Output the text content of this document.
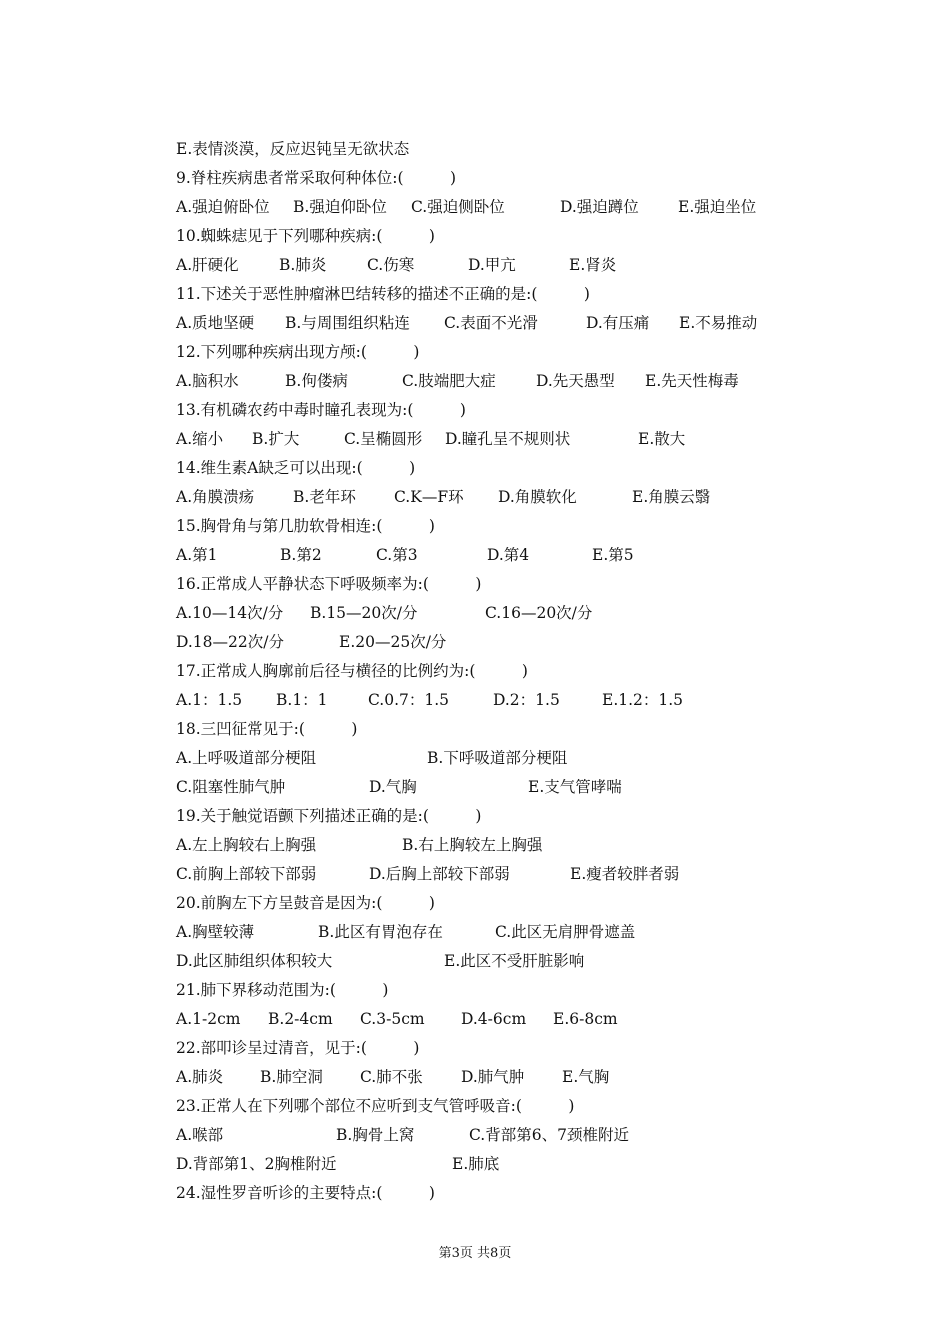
E.表情淡漠，反应迟钝呈无欲状态
9.脊柱疾病患者常采取何种体位:(　　　)
A.强迫俯卧位 B.强迫仰卧位 C.强迫侧卧位	D.强迫蹲位	E.强迫坐位
10.蜘蛛痣见于下列哪种疾病:(　　　)
A.肝硬化	B.肺炎	C.伤寒	D.甲亢	E.肾炎
11.下述关于恶性肿瘤淋巴结转移的描述不正确的是:(　　　)
A.质地坚硬 B.与周围组织粘连 C.表面不光滑	D.有压痛 E.不易推动
12.下列哪种疾病出现方颅:(　　　)
A.脑积水	B.佝偻病	C.肢端肥大症	D.先天愚型 E.先天性梅毒
13.有机磷农药中毒时瞳孔表现为:(　　　)
A.缩小 B.扩大	C.呈椭圆形 D.瞳孔呈不规则状	E.散大
14.维生素A缺乏可以出现:(　　　)
A.角膜溃疡	B.老年环 C.K—F环 D.角膜软化	E.角膜云翳
15.胸骨角与第几肋软骨相连:(　　　)
A.第1	B.第2	C.第3	D.第4	E.第5
16.正常成人平静状态下呼吸频率为:(　　　)
A.10—14次/分 B.15—20次/分	C.16—20次/分
D.18—22次/分	E.20—25次/分
17.正常成人胸廓前后径与横径的比例约为:(　　　)
A.1：1.5 B.1：1	C.0.7：1.5	D.2：1.5	E.1.2：1.5
18.三凹征常见于:(　　　)
A.上呼吸道部分梗阻	B.下呼吸道部分梗阻
C.阻塞性肺气肿	D.气胸	E.支气管哮喘
19.关于触觉语颤下列描述正确的是:(　　　)
A.左上胸较右上胸强	B.右上胸较左上胸强
C.前胸上部较下部弱	D.后胸上部较下部弱	E.瘦者较胖者弱
20.前胸左下方呈鼓音是因为:(　　　)
A.胸壁较薄	B.此区有胃泡存在	C.此区无肩胛骨遮盖
D.此区肺组织体积较大	E.此区不受肝脏影响
21.肺下界移动范围为:(　　　)
A.1-2cm B.2-4cm C.3-5cm D.4-6cm E.6-8cm
22.部叩诊呈过清音，见于:(　　　)
A.肺炎 B.肺空洞 C.肺不张 D.肺气肿 E.气胸
23.正常人在下列哪个部位不应听到支气管呼吸音:(　　　)
A.喉部	B.胸骨上窝	C.背部第6、7颈椎附近
D.背部第1、2胸椎附近	E.肺底
24.湿性罗音听诊的主要特点:(　　　)
第3页 共8页
